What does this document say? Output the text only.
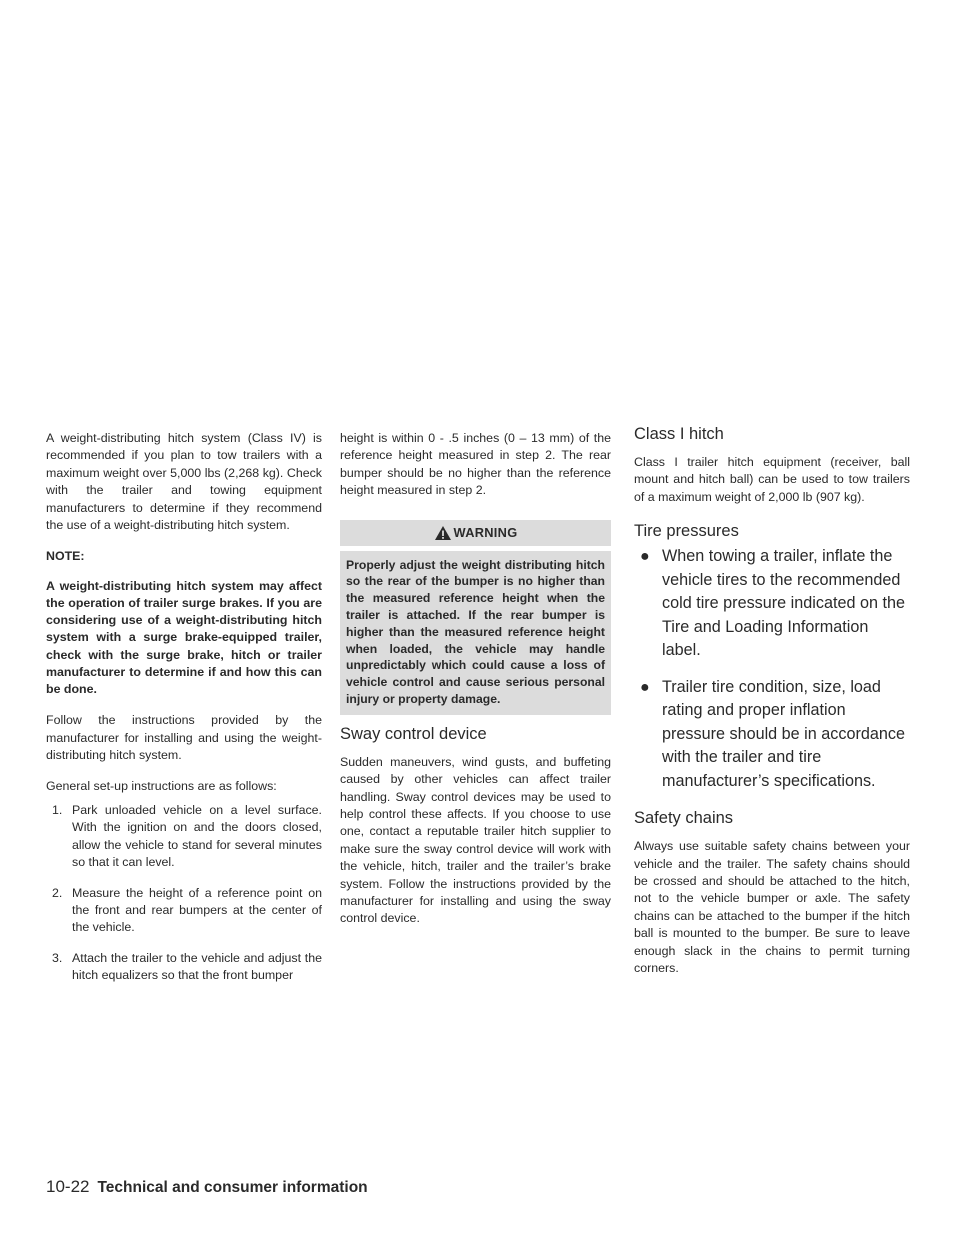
A weight-distributing hitch system (Class IV) is recommended if you plan to tow trailers with a maximum weight over 5,000 lbs (2,268 kg). Check with the trailer and towing equipment manufacturers to determine if they recommend the use of a weight-distributing hitch system.

NOTE:

A weight-distributing hitch system may affect the operation of trailer surge brakes. If you are considering use of a weight-distributing hitch system with a surge brake-equipped trailer, check with the surge brake, hitch or trailer manufacturer to determine if and how this can be done.

Follow the instructions provided by the manufacturer for installing and using the weight-distributing hitch system.

General set-up instructions are as follows:

1. Park unloaded vehicle on a level surface. With the ignition on and the doors closed, allow the vehicle to stand for several minutes so that it can level.
2. Measure the height of a reference point on the front and rear bumpers at the center of the vehicle.
3. Attach the trailer to the vehicle and adjust the hitch equalizers so that the front bumper

height is within 0 - .5 inches (0 – 13 mm) of the reference height measured in step 2. The rear bumper should be no higher than the reference height measured in step 2.

WARNING
Properly adjust the weight distributing hitch so the rear of the bumper is no higher than the measured reference height when the trailer is attached. If the rear bumper is higher than the measured reference height when loaded, the vehicle may handle unpredictably which could cause a loss of vehicle control and cause serious personal injury or property damage.
Sway control device

Sudden maneuvers, wind gusts, and buffeting caused by other vehicles can affect trailer handling. Sway control devices may be used to help control these affects. If you choose to use one, contact a reputable trailer hitch supplier to make sure the sway control device will work with the vehicle, hitch, trailer and the trailer’s brake system. Follow the instructions provided by the manufacturer for installing and using the sway control device.

Class I hitch

Class I trailer hitch equipment (receiver, ball mount and hitch ball) can be used to tow trailers of a maximum weight of 2,000 lb (907 kg).

Tire pressures
● When towing a trailer, inflate the vehicle tires to the recommended cold tire pressure indicated on the Tire and Loading Information label.
● Trailer tire condition, size, load rating and proper inflation pressure should be in accordance with the trailer and tire manufacturer’s specifications.
Safety chains

Always use suitable safety chains between your vehicle and the trailer. The safety chains should be crossed and should be attached to the hitch, not to the vehicle bumper or axle. The safety chains can be attached to the bumper if the hitch ball is mounted to the bumper. Be sure to leave enough slack in the chains to permit turning corners.

10-22 Technical and consumer information
